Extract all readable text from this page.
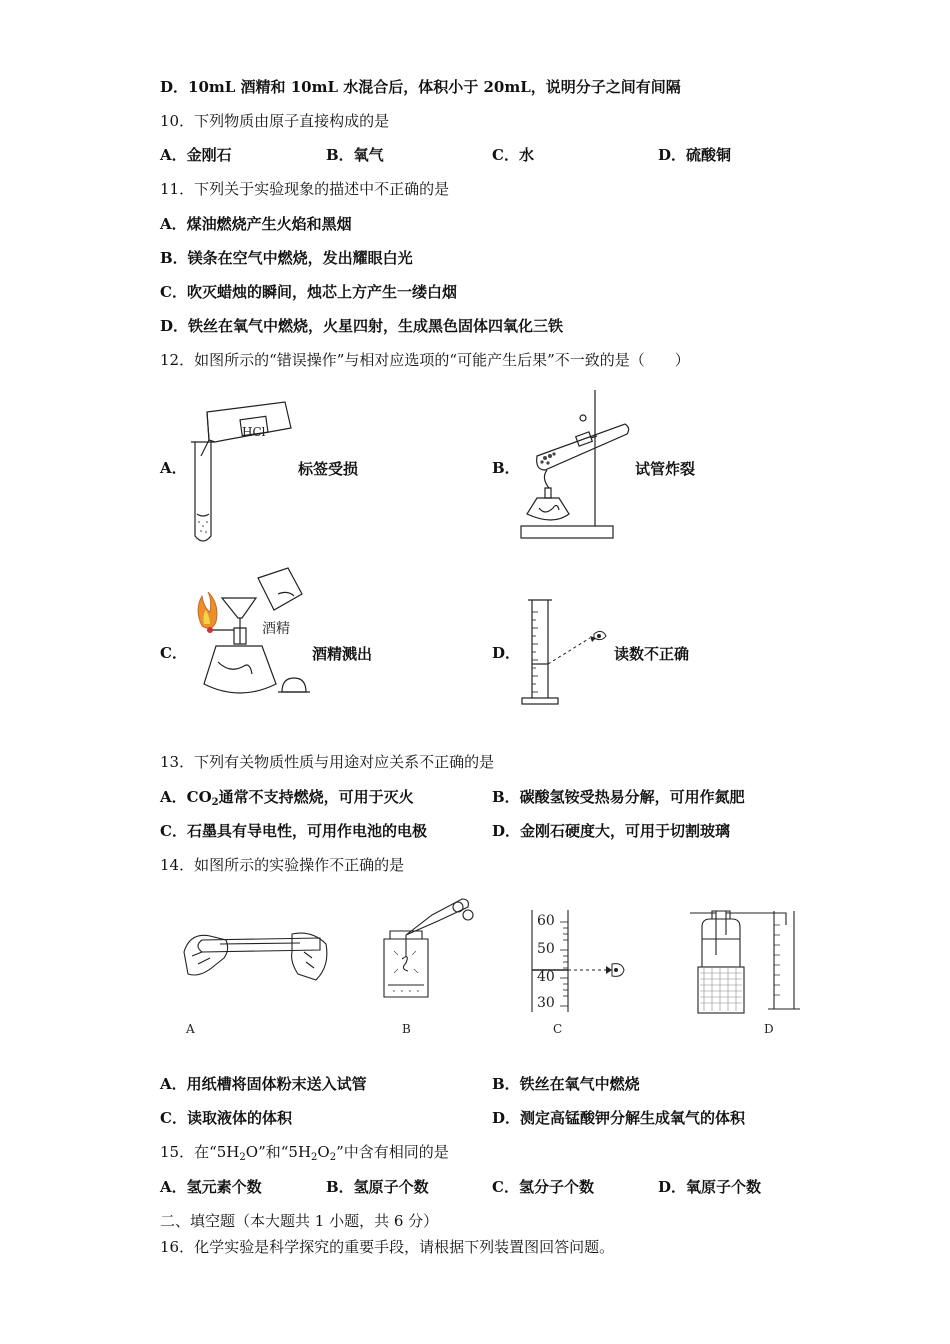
D．10mL 酒精和 10mL 水混合后，体积小于 20mL，说明分子之间有间隔
10．下列物质由原子直接构成的是
A．金刚石	B．氧气	C．水	D．硫酸铜
11．下列关于实验现象的描述中不正确的是
A．煤油燃烧产生火焰和黑烟
B．镁条在空气中燃烧，发出耀眼白光
C．吹灭蜡烛的瞬间，烛芯上方产生一缕白烟
D．铁丝在氧气中燃烧，火星四射，生成黑色固体四氧化三铁
12．如图所示的“错误操作”与相对应选项的“可能产生后果”不一致的是（　　）
A．
HCl
标签受损	B．	试管炸裂
C．
酒精
酒精溅出	D．	读数不正确
13．下列有关物质性质与用途对应关系不正确的是
A．$CO_2$通常不支持燃烧，可用于灭火	B．碳酸氢铵受热易分解，可用作氮肥
C．石墨具有导电性，可用作电池的电极	D．金刚石硬度大，可用于切割玻璃
14．如图所示的实验操作不正确的是
A	B
60
50
40
30
C	D
A．用纸槽将固体粉末送入试管	B．铁丝在氧气中燃烧
C．读取液体的体积	D．测定高锰酸钾分解生成氧气的体积
15．在“$5H_2O$”和“$5H_2O_2$”中含有相同的是
A．氢元素个数	B．氢原子个数	C．氢分子个数	D．氧原子个数
二、填空题（本大题共 1 小题，共 6 分）
16．化学实验是科学探究的重要手段，请根据下列装置图回答问题。
